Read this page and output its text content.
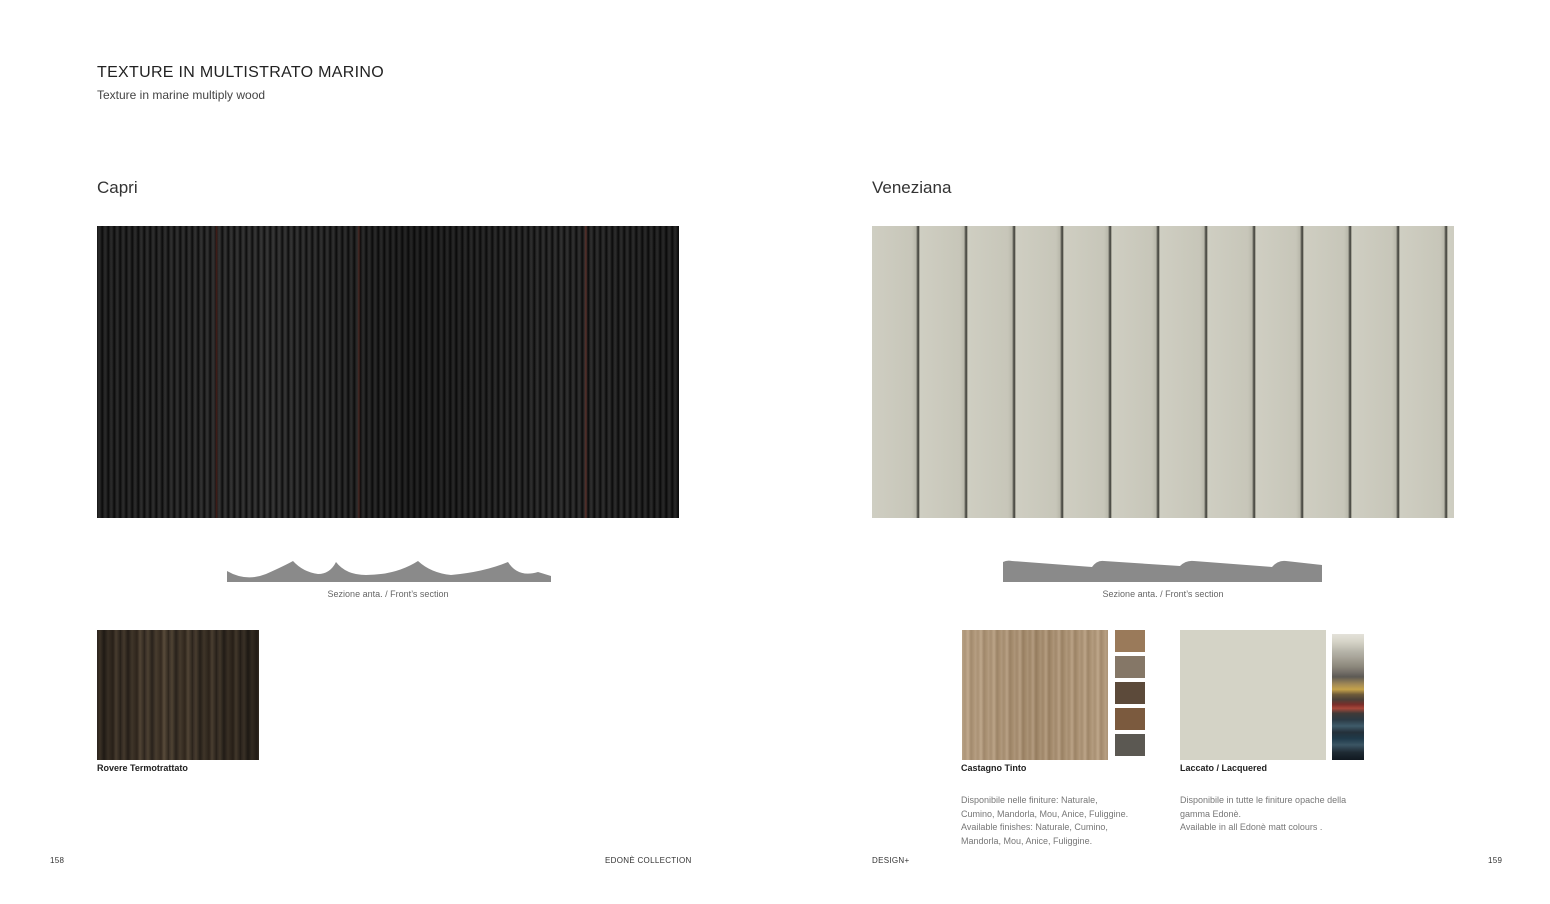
TEXTURE IN MULTISTRATO MARINO
Texture in marine multiply wood
Capri
Sezione anta. / Front’s section
Rovere Termotrattato
Veneziana
Sezione anta. / Front’s section
Castagno Tinto	Laccato / Lacquered
Disponibile nelle finiture: Naturale,
Cumino, Mandorla, Mou, Anice, Fuliggine.
Available finishes: Naturale, Cumino,
Mandorla, Mou, Anice, Fuliggine.
Disponibile in tutte le finiture opache della
gamma Edonè.
Available in all Edonè matt colours .
158	EDONÈ COLLECTION	DESIGN+	159
